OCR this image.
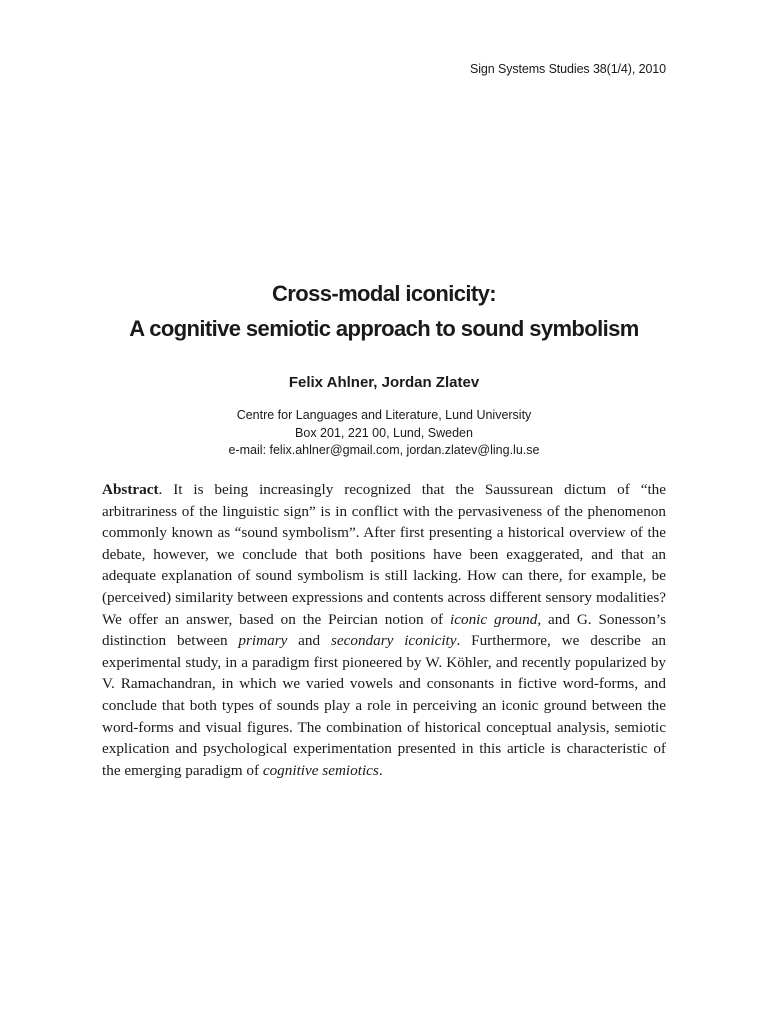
Sign Systems Studies 38(1/4), 2010
Cross-modal iconicity:
A cognitive semiotic approach to sound symbolism
Felix Ahlner, Jordan Zlatev
Centre for Languages and Literature, Lund University
Box 201, 221 00, Lund, Sweden
e-mail: felix.ahlner@gmail.com, jordan.zlatev@ling.lu.se

Abstract. It is being increasingly recognized that the Saussurean dictum of “the arbitrariness of the linguistic sign” is in conflict with the pervasiveness of the phenomenon commonly known as “sound symbolism”. After first presenting a historical overview of the debate, however, we conclude that both positions have been exaggerated, and that an adequate explanation of sound symbolism is still lacking. How can there, for example, be (perceived) similarity between expressions and contents across different sensory modalities? We offer an answer, based on the Peircian notion of iconic ground, and G. Sonesson’s distinction between primary and secondary iconicity. Furthermore, we describe an experimental study, in a paradigm first pioneered by W. Köhler, and recently popularized by V. Ramachandran, in which we varied vowels and consonants in fictive word-forms, and conclude that both types of sounds play a role in perceiving an iconic ground between the word-forms and visual figures. The combination of historical conceptual analysis, semiotic explication and psychological experimentation presented in this article is characteristic of the emerging paradigm of cognitive semiotics.
